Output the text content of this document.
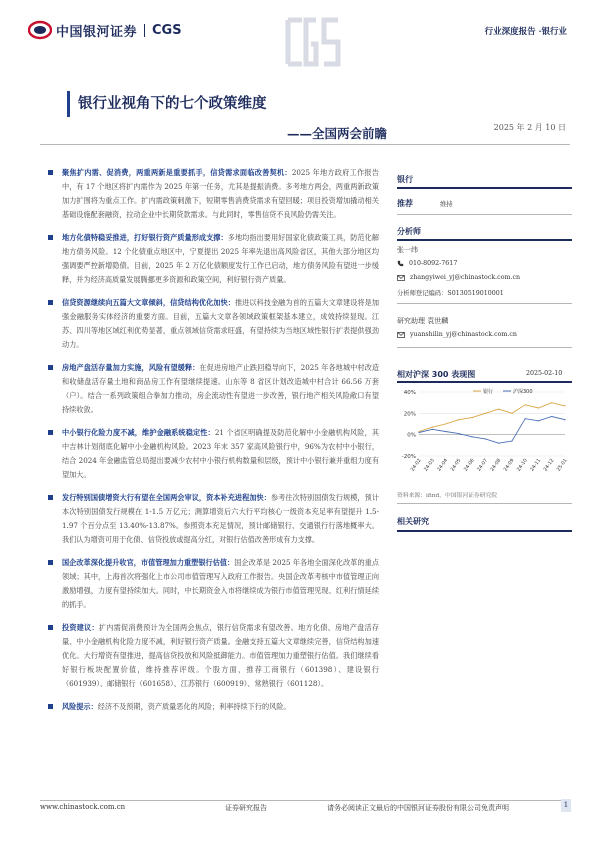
中国银河证券 CGS	行业深度报告 ·银行业
银行业视角下的七个政策维度
——全国两会前瞻	2025 年 2 月 10 日
聚焦扩内需、促消费，两重两新是重要抓手，信贷需求面临改善契机：2025 年地方政府工作报告中，有 17 个地区将扩内需作为 2025 年第一任务，尤其是提振消费。多考地方两会，两重两新政策加力扩围将为重点工作。扩内需政策刺激下，短期零售消费贷需求有望回暖；项目投资增加撬动相关基础设施配套融资，拉动企业中长期贷款需求。与此同时，零售信贷不良风险仍需关注。
地方化债特稳妥推进，打好银行资产质量形成支撑：多地均指出要用好国家化债政策工具，防范化解地方债务风险。12 个化债重点地区中，宁夏提出 2025 年率先退出高风险省区，其他大部分地区均强调要严控新增隐债。目前，2025 年 2 万亿化债额度发行工作已启动，地方债务风险有望进一步缓释，并为经济高质量发展腾挪更多资源和政策空间，利好银行资产质量。
信贷资源继续向五篇大文章倾斜，信贷结构优化加快：推进以科技金融为首的五篇大文章建设将是加强金融服务实体经济的重要方面。目前，五篇大文章各领域政策框架基本建立，成效持续显现。江苏、四川等地区域红利优势显著，重点领域信贷需求旺盛，有望持续为当地区域性银行扩表提供强劲动力。
房地产盘活存量加力实施，风险有望缓释：在促进房地产止跌回稳导向下，2025 年各地城中村改造和收储盘活存量土地和商品房工作有望继续提速。山东等 8 省区计划改造城中村合计 66.56 万套（户）。结合一系列政策组合拳加力推动，房企流动性有望进一步改善，银行地产相关风险敞口有望持续收敛。
中小银行化险力度不减，维护金融系统稳定性：21 个省区明确提及防范化解中小金融机构风险，其中吉林计划彻底化解中小金融机构风险。2023 年末 357 家高风险银行中，96%为农村中小银行，结合 2024 年金融监管总局提出要减少农村中小银行机构数量和层级，预计中小银行兼并重组力度有望加大。
发行特别国债增资大行有望在全国两会审议，资本补充进程加快：参考往次特别国债发行规模，预计本次特别国债发行规模在 1-1.5 万亿元；测算增资后六大行平均核心一级资本充足率有望提升 1.5-1.97 个百分点至 13.40%-13.87%。参照资本充足情况，预计邮储银行、交通银行行落地概率大。我们认为增资可用于化债、信贷投放或提高分红，对银行估值改善形成有力支撑。
国企改革深化提升收官，市值管理加力重塑银行估值：国企改革是 2025 年各地全面深化改革的重点领域；其中，上海首次将强化上市公司市值管理写入政府工作报告。央国企改革考核中市值管理正向激励增强，力度有望持续加大。同时，中长期资金入市将继续成为银行市值管理见现、红利行情延续的抓手。
投资建议：扩内需促消费预计为全国两会焦点，银行信贷需求有望改善。地方化债、房地产盘活存量、中小金融机构化险力度不减，利好银行资产质量。金融支持五篇大文章继续完善，信贷结构加速优化。大行增资有望推进，提高信贷投放和风险抵御能力。市值管理加力重塑银行估值。我们继续看好银行板块配置价值，维持推荐评级。个股方面，推荐工商银行（601398）、建设银行（601939）、邮储银行（601658）、江苏银行（600919）、常熟银行（601128）。
风险提示：经济不及预期，资产质量恶化的风险；利率持续下行的风险。
银行
推荐	维持
分析师
张一纬
010-8092-7617
zhangyiwei_yj@chinastock.com.cn
分析师登记编码：S0130519010001
研究助理 袁世麟
yuanshilin_yj@chinastock.com.cn
相对沪深 300 表现图	2025-02-10
-20%
0%
20%
40%
24-02 24-03 24-04 24-05 24-06 24-07 24-08 24-09 24-10 24-11 24-12 25-01
银行	沪深300
资料来源：ifind，中国银河证券研究院
相关研究
www.chinastock.com.cn	证券研究报告	请务必阅读正文最后的中国银河证券股份有限公司免责声明	1
